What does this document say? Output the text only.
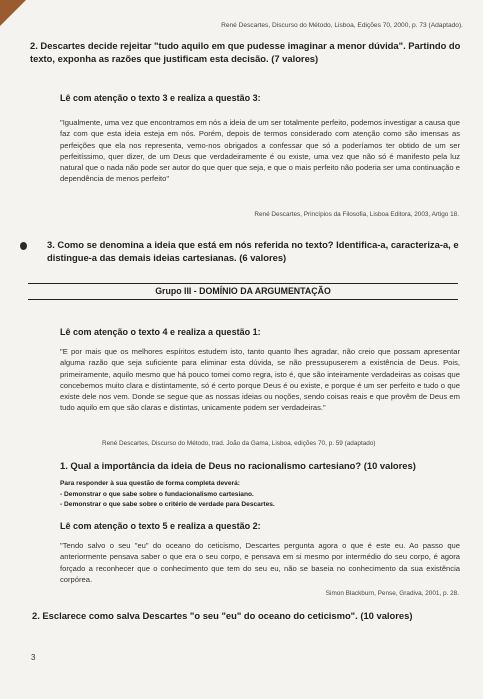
René Descartes, Discurso do Método, Lisboa, Edições 70, 2000, p. 73 (Adaptado).
2. Descartes decide rejeitar "tudo aquilo em que pudesse imaginar a menor dúvida". Partindo do texto, exponha as razões que justificam esta decisão. (7 valores)
Lê com atenção o texto 3 e realiza a questão 3:
"Igualmente, uma vez que encontramos em nós a ideia de um ser totalmente perfeito, podemos investigar a causa que faz com que esta ideia esteja em nós. Porém, depois de termos considerado com atenção como são imensas as perfeições que ela nos representa, vemo-nos obrigados a confessar que só a poderíamos ter obtido de um ser perfeitíssimo, quer dizer, de um Deus que verdadeiramente é ou existe, uma vez que não só é manifesto pela luz natural que o nada não pode ser autor do que quer que seja, e que o mais perfeito não poderia ser uma continuação e dependência de menos perfeito"
René Descartes, Princípios da Filosofia, Lisboa Editora, 2003, Artigo 18.
3. Como se denomina a ideia que está em nós referida no texto? Identifica-a, caracteriza-a, e distingue-a das demais ideias cartesianas. (6 valores)
Grupo III - DOMÍNIO DA ARGUMENTAÇÃO
Lê com atenção o texto 4 e realiza a questão 1:
"E por mais que os melhores espíritos estudem isto, tanto quanto lhes agradar, não creio que possam apresentar alguma razão que seja suficiente para eliminar esta dúvida, se não pressupuserem a existência de Deus. Pois, primeiramente, aquilo mesmo que há pouco tomei como regra, isto é, que são inteiramente verdadeiras as coisas que concebemos muito clara e distintamente, só é certo porque Deus é ou existe, e porque é um ser perfeito e tudo o que existe dele nos vem. Donde se segue que as nossas ideias ou noções, sendo coisas reais e que provêm de Deus em tudo aquilo em que são claras e distintas, unicamente podem ser verdadeiras."
René Descartes, Discurso do Método, trad. João da Gama, Lisboa, edições 70, p. 59 (adaptado)
1. Qual a importância da ideia de Deus no racionalismo cartesiano? (10 valores)
Para responder à sua questão de forma completa deverá:
- Demonstrar o que sabe sobre o fundacionalismo cartesiano.
- Demonstrar o que sabe sobre o critério de verdade para Descartes.
Lê com atenção o texto 5 e realiza a questão 2:
"Tendo salvo o seu "eu" do oceano do ceticismo, Descartes pergunta agora o que é este eu. Ao passo que anteriormente pensava saber o que era o seu corpo, e pensava em si mesmo por intermédio do seu corpo, é agora forçado a reconhecer que o conhecimento que tem do seu eu, não se baseia no conhecimento da sua existência corpórea.
Simon Blackburn, Pense, Gradiva, 2001, p. 28.
2. Esclarece como salva Descartes "o seu "eu" do oceano do ceticismo". (10 valores)
3
